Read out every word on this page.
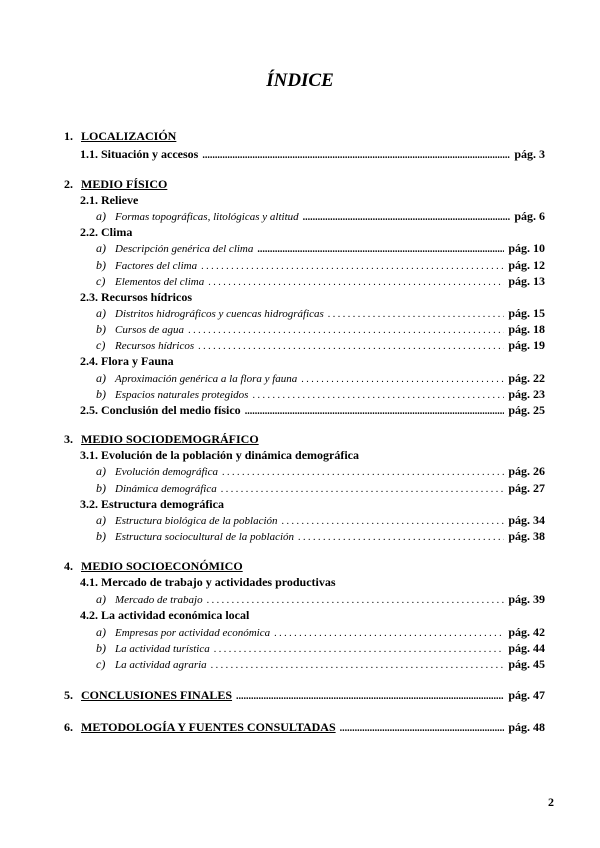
ÍNDICE
1. LOCALIZACIÓN
1.1. Situación y accesos .....	pág. 3
2. MEDIO FÍSICO
2.1. Relieve
a) Formas topográficas, litológicas y altitud .....	pág. 6
2.2. Clima
a) Descripción genérica del clima .....	pág. 10
b) Factores del clima . . .	pág. 12
c) Elementos del clima . . .	pág. 13
2.3. Recursos hídricos
a) Distritos hidrográficos y cuencas hidrográficas . . .	pág. 15
b) Cursos de agua . . .	pág. 18
c) Recursos hídricos . . .	pág. 19
2.4. Flora y Fauna
a) Aproximación genérica a la flora y fauna . . .	pág. 22
b) Espacios naturales protegidos . . .	pág. 23
2.5. Conclusión del medio físico .....	pág. 25
3. MEDIO SOCIODEMOGRÁFICO
3.1. Evolución de la población y dinámica demográfica
a) Evolución demográfica . . .	pág. 26
b) Dinámica demográfica . . .	pág. 27
3.2. Estructura demográfica
a) Estructura biológica de la población . . .	pág. 34
b) Estructura sociocultural de la población . . .	pág. 38
4. MEDIO SOCIOECONÓMICO
4.1. Mercado de trabajo y actividades productivas
a) Mercado de trabajo . . .	pág. 39
4.2. La actividad económica local
a) Empresas por actividad económica . . .	pág. 42
b) La actividad turística . . .	pág. 44
c) La actividad agraria . . .	pág. 45
5. CONCLUSIONES FINALES .....	pág. 47
6. METODOLOGÍA Y FUENTES CONSULTADAS .....	pág. 48
2
